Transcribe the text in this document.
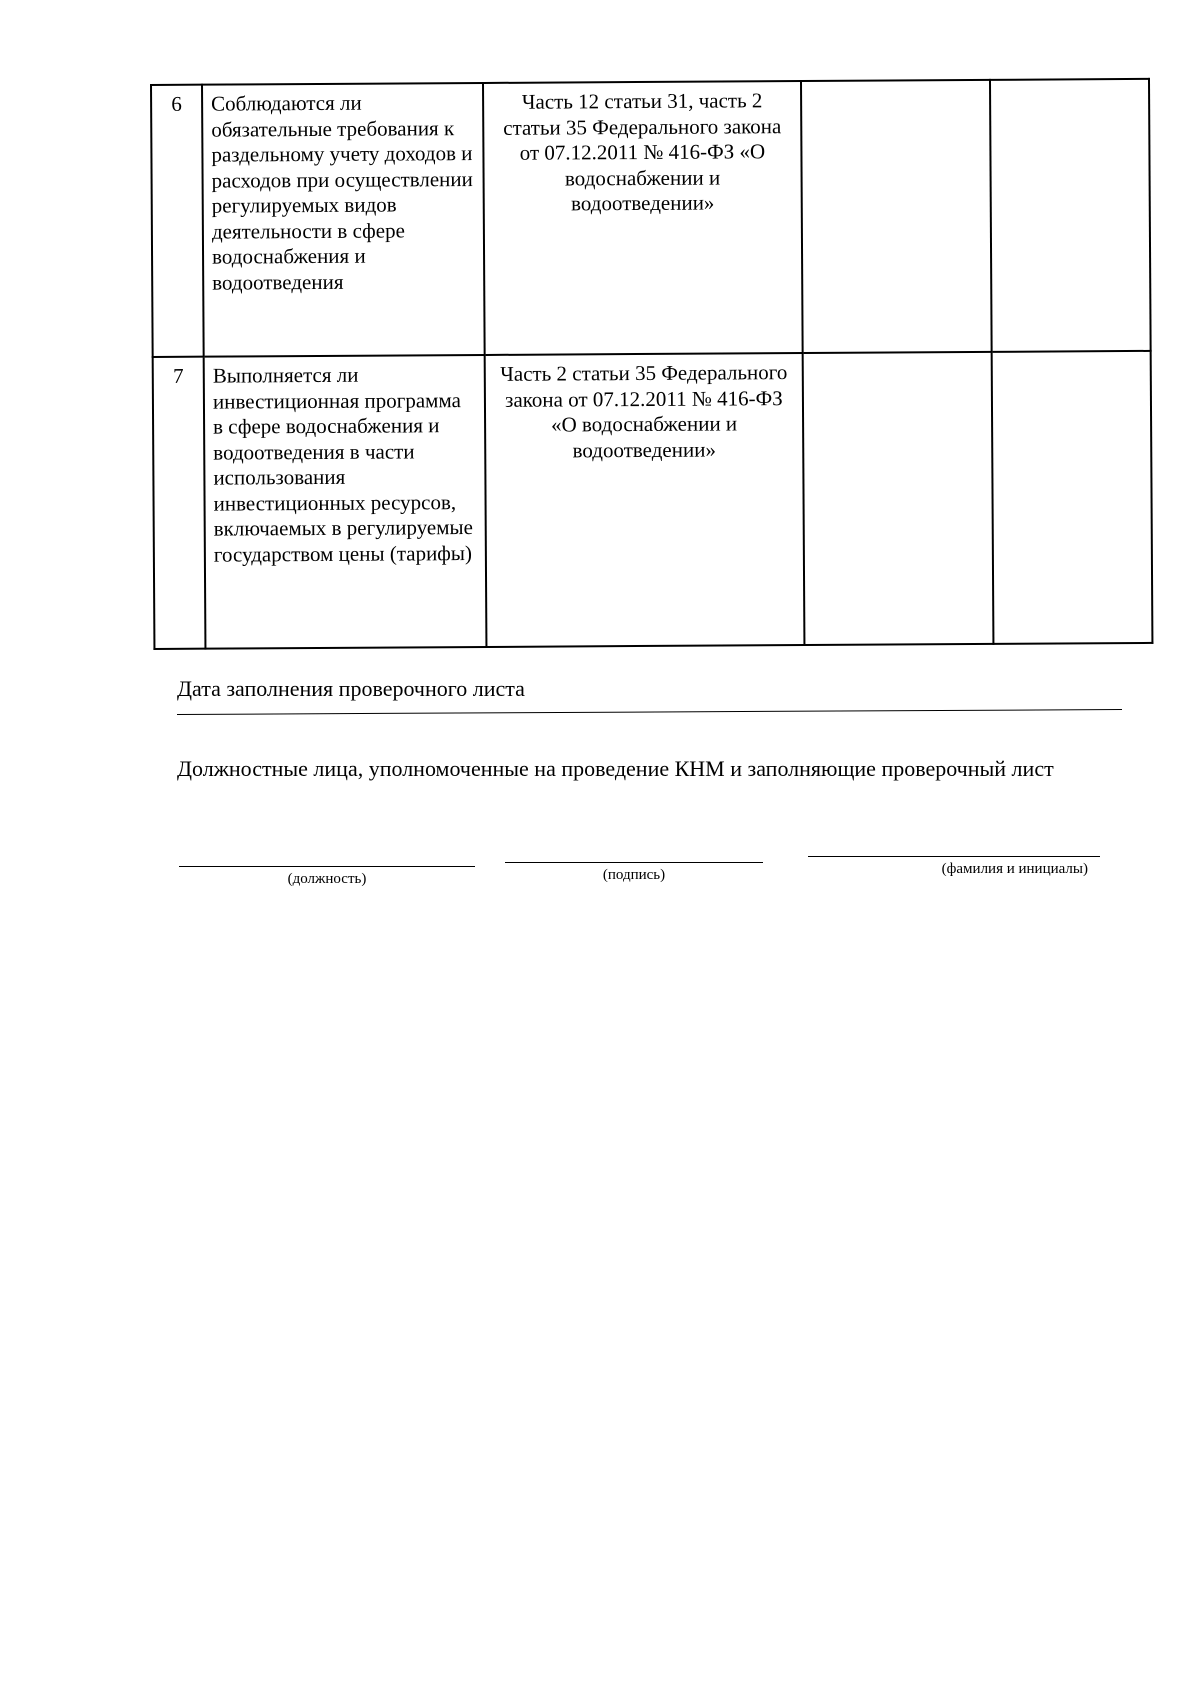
6	Соблюдаются ли обязательные требования к раздельному учету доходов и расходов при осуществлении регулируемых видов деятельности в сфере водоснабжения и водоотведения	Часть 12 статьи 31, часть 2 статьи 35 Федерального закона от 07.12.2011 № 416-ФЗ «О водоснабжении и водоотведении»		
7	Выполняется ли инвестиционная программа в сфере водоснабжения и водоотведения в части использования инвестиционных ресурсов, включаемых в регулируемые государством цены (тарифы)	Часть 2 статьи 35 Федерального закона от 07.12.2011 № 416-ФЗ «О водоснабжении и водоотведении»		
Дата заполнения проверочного листа
Должностные лица, уполномоченные на проведение КНМ и заполняющие проверочный лист
(должность)	(подпись)	(фамилия и инициалы)
